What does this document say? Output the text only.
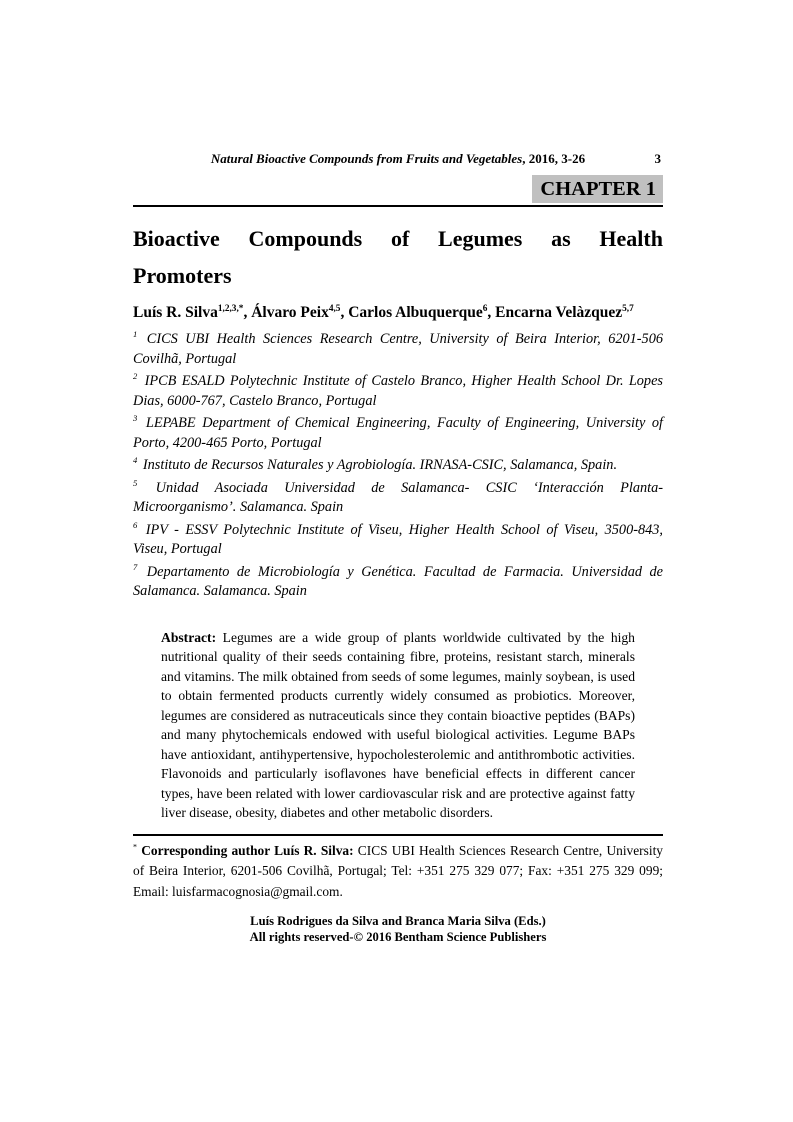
Natural Bioactive Compounds from Fruits and Vegetables, 2016, 3-26	3
CHAPTER 1
Bioactive Compounds of Legumes as Health
Promoters

Luís R. Silva$^{1,2,3,*}$, Álvaro Peix$^{4,5}$, Carlos Albuquerque$^6$, Encarna Velàzquez$^{5,7}$

$^1$ CICS UBI Health Sciences Research Centre, University of Beira Interior, 6201-506 Covilhã, Portugal

$^2$ IPCB ESALD Polytechnic Institute of Castelo Branco, Higher Health School Dr. Lopes Dias, 6000-767, Castelo Branco, Portugal

$^3$ LEPABE Department of Chemical Engineering, Faculty of Engineering, University of Porto, 4200-465 Porto, Portugal

$^4$ Instituto de Recursos Naturales y Agrobiología. IRNASA-CSIC, Salamanca, Spain.

$^5$ Unidad Asociada Universidad de Salamanca- CSIC ‘Interacción Planta-Microorganismo’. Salamanca. Spain

$^6$ IPV - ESSV Polytechnic Institute of Viseu, Higher Health School of Viseu, 3500-843, Viseu, Portugal

$^7$ Departamento de Microbiología y Genética. Facultad de Farmacia. Universidad de Salamanca. Salamanca. Spain

Abstract: Legumes are a wide group of plants worldwide cultivated by the high nutritional quality of their seeds containing fibre, proteins, resistant starch, minerals and vitamins. The milk obtained from seeds of some legumes, mainly soybean, is used to obtain fermented products currently widely consumed as probiotics. Moreover, legumes are considered as nutraceuticals since they contain bioactive peptides (BAPs) and many phytochemicals endowed with useful biological activities. Legume BAPs have antioxidant, antihypertensive, hypocholesterolemic and antithrombotic activities. Flavonoids and particularly isoflavones have beneficial effects in different cancer types, have been related with lower cardiovascular risk and are protective against fatty liver disease, obesity, diabetes and other metabolic disorders.

* Corresponding author Luís R. Silva: CICS UBI Health Sciences Research Centre, University of Beira Interior, 6201-506 Covilhã, Portugal; Tel: +351 275 329 077; Fax: +351 275 329 099; Email: luisfarmacognosia@gmail.com.

Luís Rodrigues da Silva and Branca Maria Silva (Eds.)
All rights reserved-© 2016 Bentham Science Publishers
